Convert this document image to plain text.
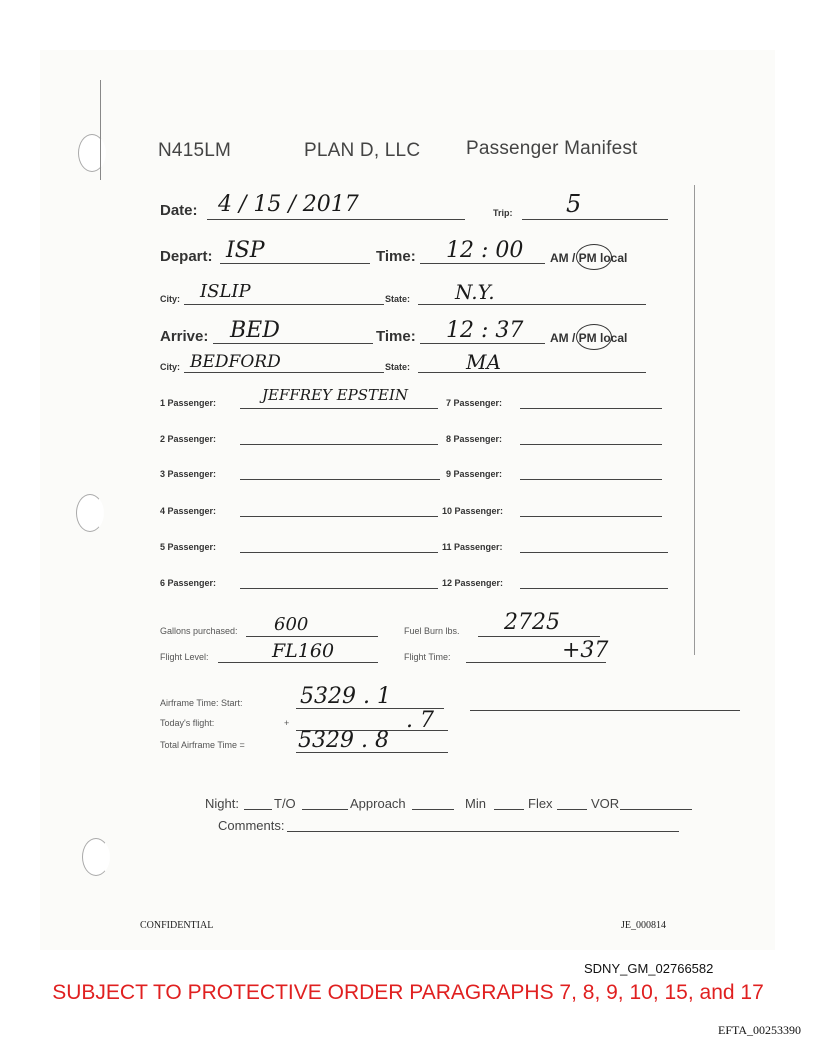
N415LM	PLAN D, LLC Passenger Manifest
Date: 4 / 15 / 2017	Trip: 5
Depart: ISP	Time: 12 : 00 AM / PM local
City: ISLIP	State: N.Y.
Arrive: BED	Time: 12 : 37 AM / PM local
City: BEDFORD	State:	MA
1 Passenger:	JEFFREY EPSTEIN	7 Passenger:
2 Passenger:	8 Passenger:
3 Passenger:	9 Passenger:
4 Passenger:	10 Passenger:
5 Passenger:	11 Passenger:
6 Passenger:	12 Passenger:
Gallons purchased: 600	Fuel Burn lbs. 2725
Flight Level:	FL160	Flight Time:	+37
Airframe Time: Start:	5329 . 1
Today's flight:	+	. 7
Total Airframe Time = 5329 . 8
Night:	T/O	Approach	Min	Flex	VOR
Comments:
CONFIDENTIAL	JE_000814
SDNY_GM_02766582
SUBJECT TO PROTECTIVE ORDER PARAGRAPHS 7, 8, 9, 10, 15, and 17
EFTA_00253390
